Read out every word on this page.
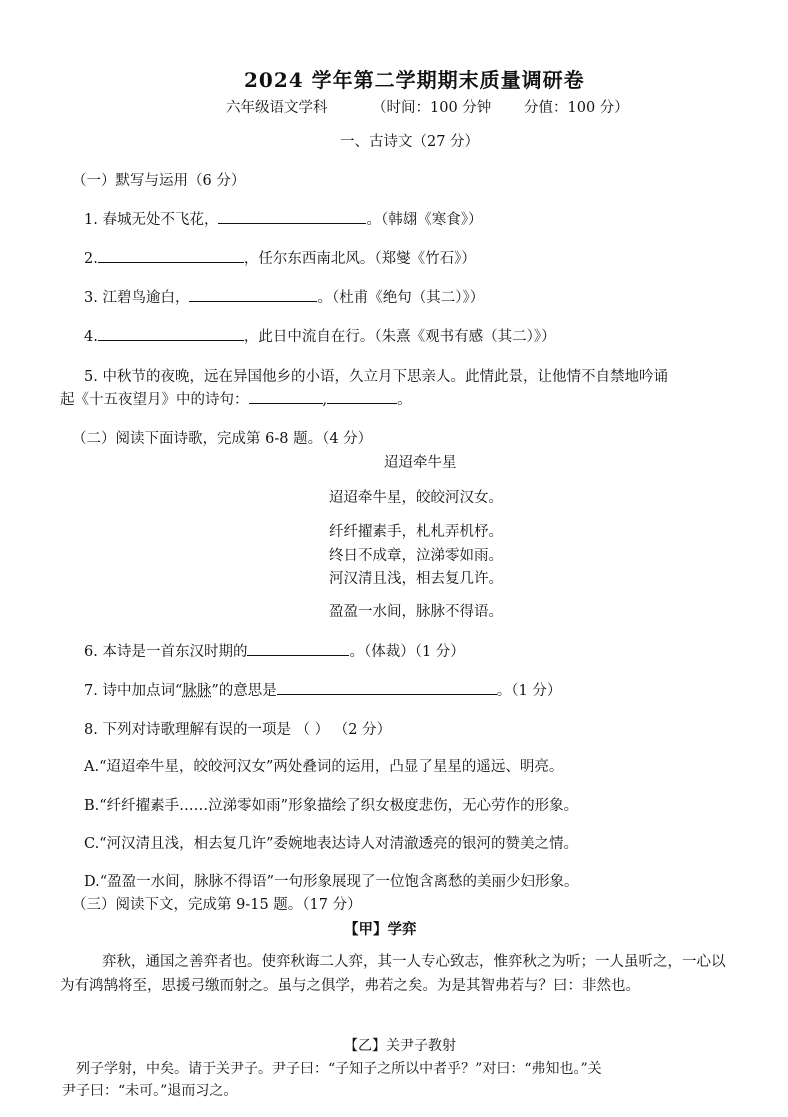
2024 学年第二学期期末质量调研卷
六年级语文学科	（时间：100 分钟 分值：100 分）
一、古诗文（27 分）
（一）默写与运用（6 分）
1. 春城无处不飞花，	。（韩翃《寒食》）
2.	，任尔东西南北风。（郑燮《竹石》）
3. 江碧鸟逾白，	。（杜甫《绝句（其二）》）
4.	，此日中流自在行。（朱熹《观书有感（其二）》）
5. 中秋节的夜晚，远在异国他乡的小语，久立月下思亲人。此情此景，让他情不自禁地吟诵
起《十五夜望月》中的诗句：	,	。
（二）阅读下面诗歌，完成第 6-8 题。（4 分）
迢迢牵牛星
迢迢牵牛星，皎皎河汉女。
纤纤擢素手，札札弄机杼。
终日不成章，泣涕零如雨。
河汉清且浅，相去复几许。
盈盈一水间，脉脉不得语。
6. 本诗是一首东汉时期的	。（体裁）（1 分）
7. 诗中加点词“脉脉”的意思是	。（1 分）
8. 下列对诗歌理解有误的一项是 （ ） （2 分）
A.“迢迢牵牛星，皎皎河汉女”两处叠词的运用，凸显了星星的遥远、明亮。
B.“纤纤擢素手……泣涕零如雨”形象描绘了织女极度悲伤，无心劳作的形象。
C.“河汉清且浅，相去复几许”委婉地表达诗人对清澈透亮的银河的赞美之情。
D.“盈盈一水间，脉脉不得语”一句形象展现了一位饱含离愁的美丽少妇形象。
（三）阅读下文，完成第 9-15 题。（17 分）
【甲】学弈
弈秋，通国之善弈者也。使弈秋诲二人弈，其一人专心致志，惟弈秋之为听；一人虽听之，一心以为有鸿鹄将至，思援弓缴而射之。虽与之俱学，弗若之矣。为是其智弗若与？曰：非然也。
【乙】关尹子教射
列子学射，中矣。请于关尹子。尹子曰：“子知子之所以中者乎？”对曰：“弗知也。”关
尹子曰：“未可。”退而习之。
